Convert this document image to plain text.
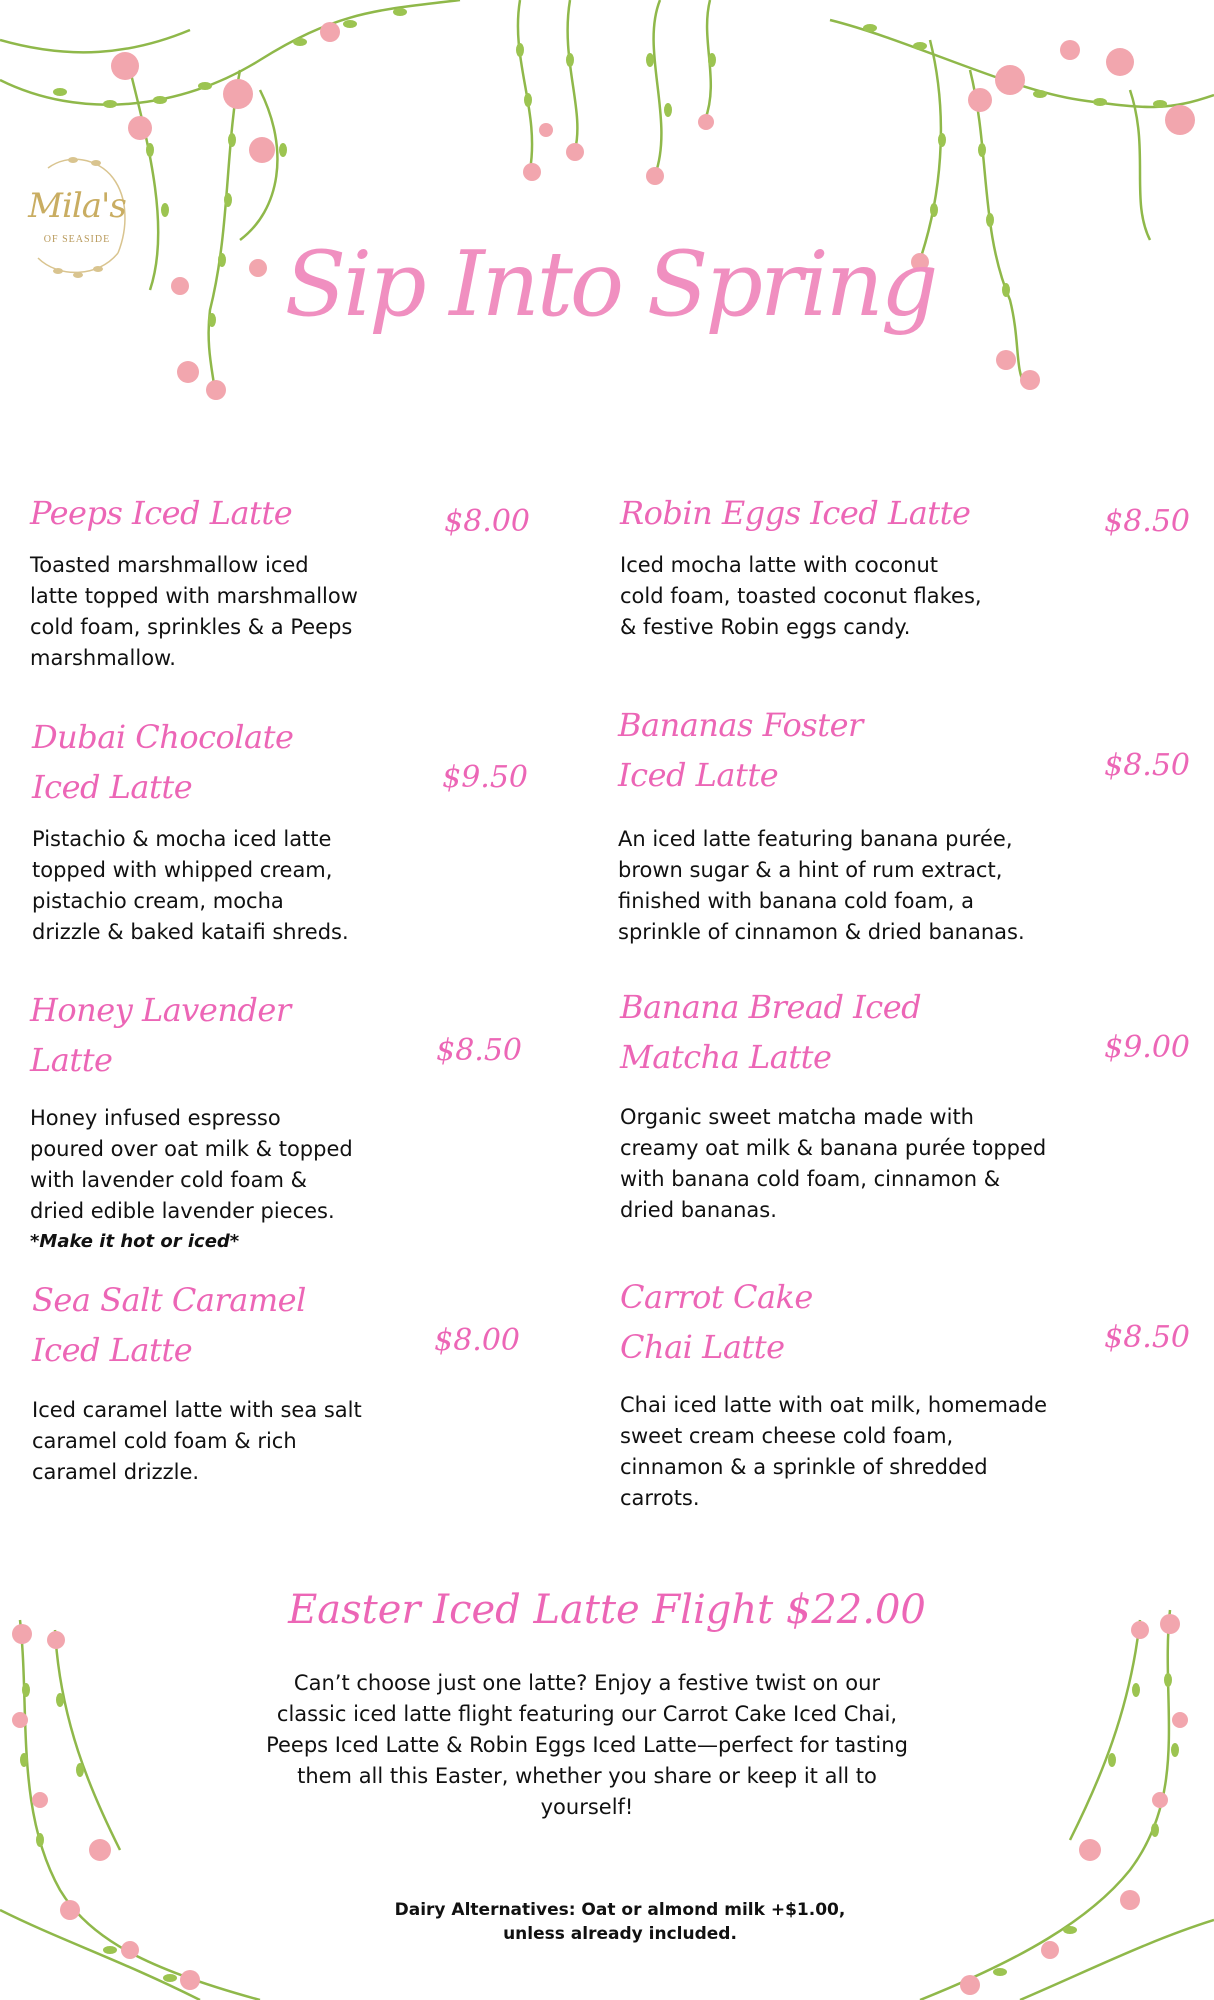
Mila's
OF SEASIDE Sip Into Spring
Peeps Iced Latte	$8.00
Toasted marshmallow iced
latte topped with marshmallow
cold foam, sprinkles & a Peeps
marshmallow.
Robin Eggs Iced Latte	$8.50
Iced mocha latte with coconut
cold foam, toasted coconut flakes,
& festive Robin eggs candy.
Dubai Chocolate
Iced Latte	$9.50
Pistachio & mocha iced latte
topped with whipped cream,
pistachio cream, mocha
drizzle & baked kataifi shreds.
Bananas Foster
Iced Latte	$8.50
An iced latte featuring banana purée,
brown sugar & a hint of rum extract,
finished with banana cold foam, a
sprinkle of cinnamon & dried bananas.
Honey Lavender
Latte	$8.50
Honey infused espresso
poured over oat milk & topped
with lavender cold foam &
dried edible lavender pieces.
*Make it hot or iced*
Banana Bread Iced
Matcha Latte	$9.00
Organic sweet matcha made with
creamy oat milk & banana purée topped
with banana cold foam, cinnamon &
dried bananas.
Sea Salt Caramel
Iced Latte	$8.00
Iced caramel latte with sea salt
caramel cold foam & rich
caramel drizzle.
Carrot Cake
Chai Latte	$8.50
Chai iced latte with oat milk, homemade
sweet cream cheese cold foam,
cinnamon & a sprinkle of shredded
carrots.
Easter Iced Latte Flight $22.00
Can’t choose just one latte? Enjoy a festive twist on our
classic iced latte flight featuring our Carrot Cake Iced Chai,
Peeps Iced Latte & Robin Eggs Iced Latte—perfect for tasting
them all this Easter, whether you share or keep it all to
yourself!
Dairy Alternatives: Oat or almond milk +$1.00,
unless already included.
